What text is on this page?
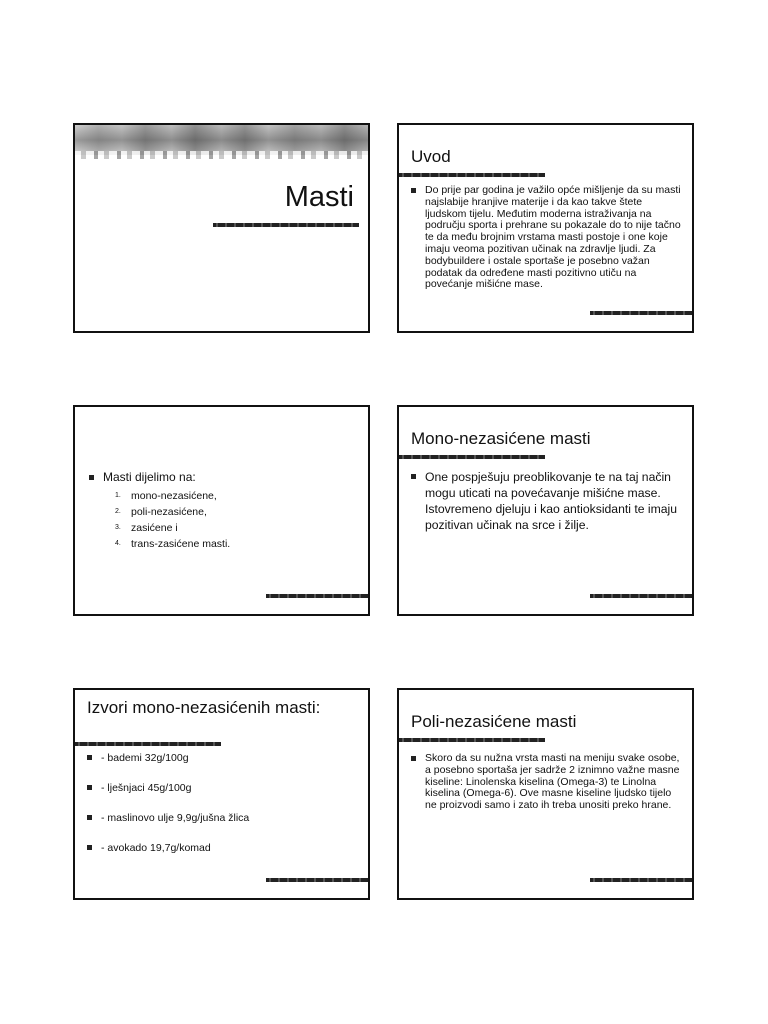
Masti
Uvod
Do prije par godina je važilo opće mišljenje da su masti najslabije hranjive materije i da kao takve štete ljudskom tijelu. Međutim moderna istraživanja na području sporta i prehrane su pokazale do to nije tačno te da među brojnim vrstama masti postoje i one koje imaju veoma pozitivan učinak na zdravlje ljudi. Za bodybuildere i ostale sportaše je posebno važan podatak da određene masti pozitivno utiču na povećanje mišićne mase.
Masti dijelimo na:
1. mono-nezasićene,
2. poli-nezasićene,
3. zasićene i
4. trans-zasićene masti.
Mono-nezasićene masti
One pospješuju preoblikovanje te na taj način mogu uticati na povećavanje mišićne mase. Istovremeno djeluju i kao antioksidanti te imaju pozitivan učinak na srce i žilje.
Izvori mono-nezasićenih masti:
- bademi 32g/100g
- lješnjaci 45g/100g
- maslinovo ulje 9,9g/jušna žlica
- avokado 19,7g/komad
Poli-nezasićene masti
Skoro da su nužna vrsta masti na meniju svake osobe, a posebno sportaša jer sadrže 2 iznimno važne masne kiseline: Linolenska kiselina (Omega-3) te Linolna kiselina (Omega-6). Ove masne kiseline ljudsko tijelo ne proizvodi samo i zato ih treba unositi preko hrane.
